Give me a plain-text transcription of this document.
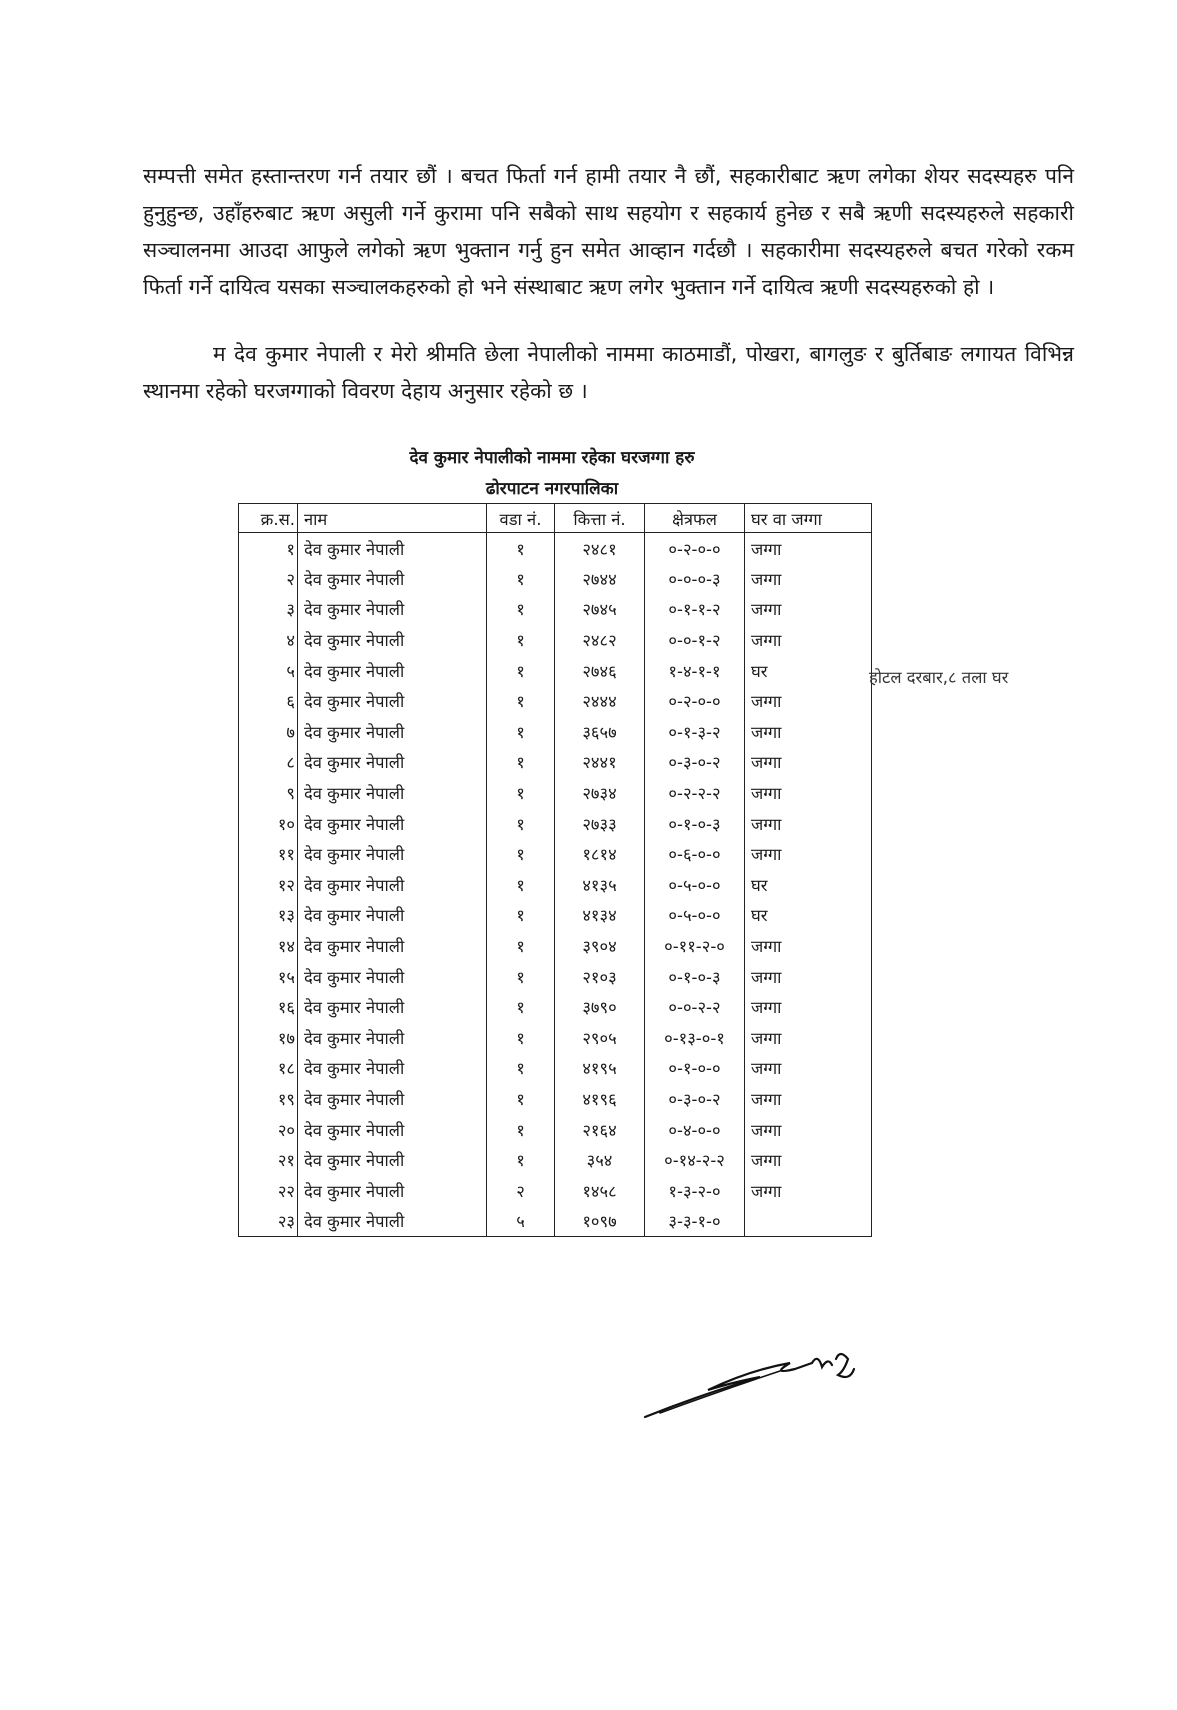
सम्पत्ती समेत हस्तान्तरण गर्न तयार छौं । बचत फिर्ता गर्न हामी तयार नै छौं, सहकारीबाट ऋण लगेका शेयर सदस्यहरु पनि हुनुहुन्छ, उहाँहरुबाट ऋण असुली गर्ने कुरामा पनि सबैको साथ सहयोग र सहकार्य हुनेछ र सबै ऋणी सदस्यहरुले सहकारी सञ्चालनमा आउदा आफुले लगेको ऋण भुक्तान गर्नु हुन समेत आव्हान गर्दछौ । सहकारीमा सदस्यहरुले बचत गरेको रकम फिर्ता गर्ने दायित्व यसका सञ्चालकहरुको हो भने संस्थाबाट ऋण लगेर भुक्तान गर्ने दायित्व ऋणी सदस्यहरुको हो ।

म देव कुमार नेपाली र मेरो श्रीमति छेला नेपालीको नाममा काठमाडौं, पोखरा, बागलुङ र बुर्तिबाङ लगायत विभिन्न स्थानमा रहेको घरजग्गाको विवरण देहाय अनुसार रहेको छ ।

देव कुमार नेपालीको नाममा रहेका घरजग्गा हरु
ढोरपाटन नगरपालिका
क्र.स.	नाम	वडा नं.	कित्ता नं.	क्षेत्रफल	घर वा जग्गा
१	देव कुमार नेपाली	१	२४८१	०-२-०-०	जग्गा
२	देव कुमार नेपाली	१	२७४४	०-०-०-३	जग्गा
३	देव कुमार नेपाली	१	२७४५	०-१-१-२	जग्गा
४	देव कुमार नेपाली	१	२४८२	०-०-१-२	जग्गा
५	देव कुमार नेपाली	१	२७४६	१-४-१-१	घर
६	देव कुमार नेपाली	१	२४४४	०-२-०-०	जग्गा
७	देव कुमार नेपाली	१	३६५७	०-१-३-२	जग्गा
८	देव कुमार नेपाली	१	२४४१	०-३-०-२	जग्गा
९	देव कुमार नेपाली	१	२७३४	०-२-२-२	जग्गा
१०	देव कुमार नेपाली	१	२७३३	०-१-०-३	जग्गा
११	देव कुमार नेपाली	१	१८१४	०-६-०-०	जग्गा
१२	देव कुमार नेपाली	१	४१३५	०-५-०-०	घर
१३	देव कुमार नेपाली	१	४१३४	०-५-०-०	घर
१४	देव कुमार नेपाली	१	३९०४	०-११-२-०	जग्गा
१५	देव कुमार नेपाली	१	२१०३	०-१-०-३	जग्गा
१६	देव कुमार नेपाली	१	३७९०	०-०-२-२	जग्गा
१७	देव कुमार नेपाली	१	२९०५	०-१३-०-१	जग्गा
१८	देव कुमार नेपाली	१	४१९५	०-१-०-०	जग्गा
१९	देव कुमार नेपाली	१	४१९६	०-३-०-२	जग्गा
२०	देव कुमार नेपाली	१	२१६४	०-४-०-०	जग्गा
२१	देव कुमार नेपाली	१	३५४	०-१४-२-२	जग्गा
२२	देव कुमार नेपाली	२	१४५८	१-३-२-०	जग्गा
२३	देव कुमार नेपाली	५	१०९७	३-३-१-०	
होटल दरबार,८ तला घर
